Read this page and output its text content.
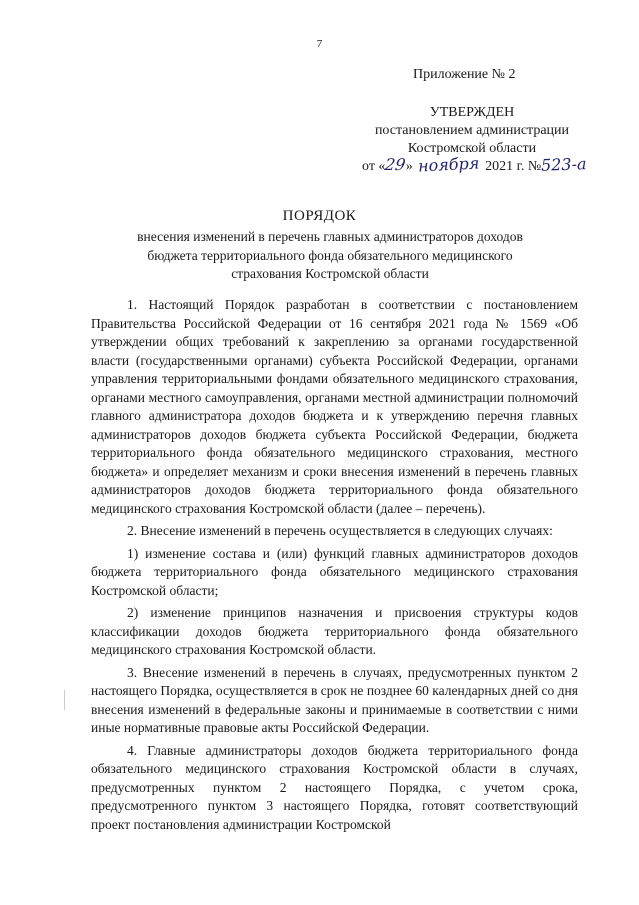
7
Приложение № 2
УТВЕРЖДЕН
постановлением администрации
Костромской области
от «29» ноября 2021 г. №523-а
ПОРЯДОК
внесения изменений в перечень главных администраторов доходов
бюджета территориального фонда обязательного медицинского
страхования Костромской области

1. Настоящий Порядок разработан в соответствии с постановлением Правительства Российской Федерации от 16 сентября 2021 года № 1569 «Об утверждении общих требований к закреплению за органами государственной власти (государственными органами) субъекта Российской Федерации, органами управления территориальными фондами обязательного медицинского страхования, органами местного самоуправления, органами местной администрации полномочий главного администратора доходов бюджета и к утверждению перечня главных администраторов доходов бюджета субъекта Российской Федерации, бюджета территориального фонда обязательного медицинского страхования, местного бюджета» и определяет механизм и сроки внесения изменений в перечень главных администраторов доходов бюджета территориального фонда обязательного медицинского страхования Костромской области (далее – перечень).

2. Внесение изменений в перечень осуществляется в следующих случаях:

1) изменение состава и (или) функций главных администраторов доходов бюджета территориального фонда обязательного медицинского страхования Костромской области;

2) изменение принципов назначения и присвоения структуры кодов классификации доходов бюджета территориального фонда обязательного медицинского страхования Костромской области.

3. Внесение изменений в перечень в случаях, предусмотренных пунктом 2 настоящего Порядка, осуществляется в срок не позднее 60 календарных дней со дня внесения изменений в федеральные законы и принимаемые в соответствии с ними иные нормативные правовые акты Российской Федерации.

4. Главные администраторы доходов бюджета территориального фонда обязательного медицинского страхования Костромской области в случаях, предусмотренных пунктом 2 настоящего Порядка, с учетом срока, предусмотренного пунктом 3 настоящего Порядка, готовят соответствующий проект постановления администрации Костромской
